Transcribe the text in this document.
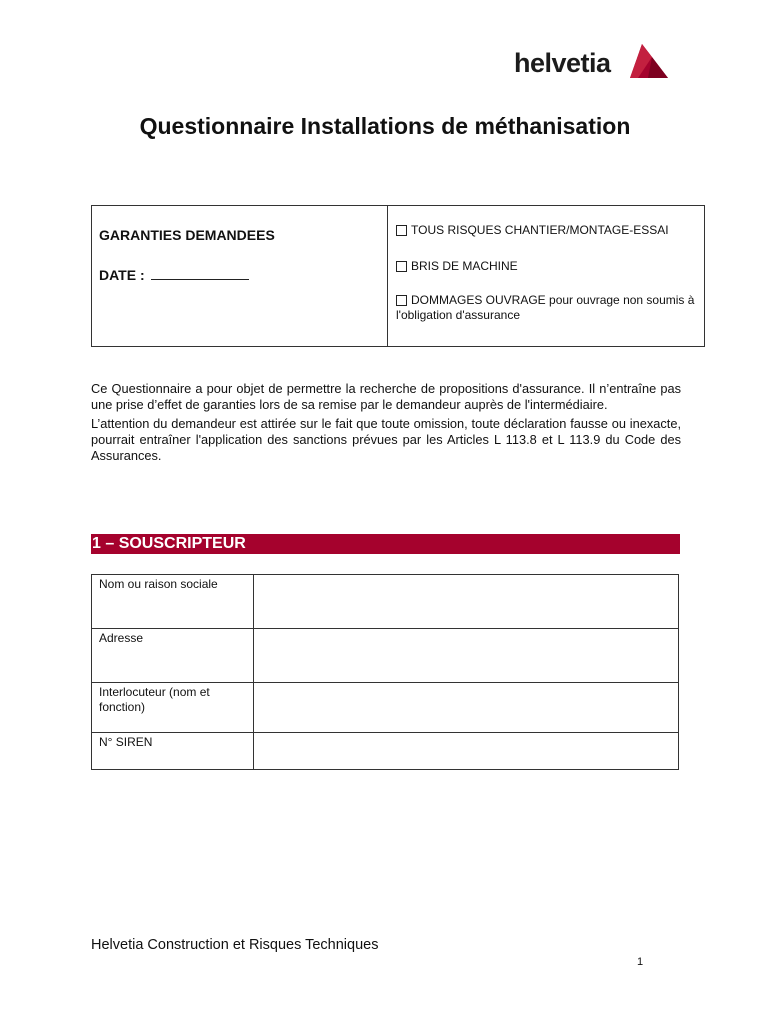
helvetia
Questionnaire Installations de méthanisation
GARANTIES DEMANDEES
DATE :
TOUS RISQUES CHANTIER/MONTAGE-ESSAI
BRIS DE MACHINE
DOMMAGES OUVRAGE pour ouvrage non soumis à l'obligation d'assurance

Ce Questionnaire a pour objet de permettre la recherche de propositions d'assurance. Il n’entraîne pas une prise d’effet de garanties lors de sa remise par le demandeur auprès de l'intermédiaire.

L’attention du demandeur est attirée sur le fait que toute omission, toute déclaration fausse ou inexacte, pourrait entraîner l'application des sanctions prévues par les Articles L 113.8 et L 113.9 du Code des Assurances.

1 – SOUSCRIPTEUR
Nom ou raison sociale
Adresse
Interlocuteur (nom et fonction)
N° SIREN
Helvetia Construction et Risques Techniques
1
